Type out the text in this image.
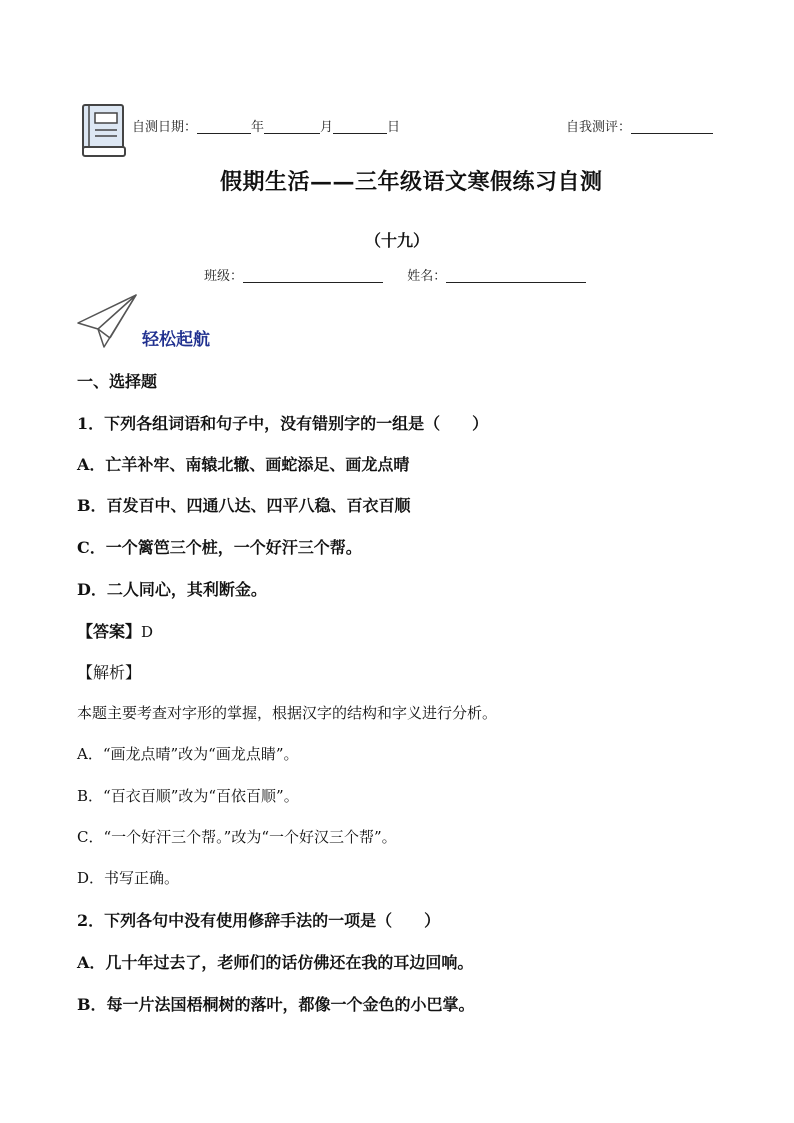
自测日期：	年	月	日	自我测评：
假期生活——三年级语文寒假练习自测
（十九）
班级：	姓名：
轻松起航
一、选择题
1．下列各组词语和句子中，没有错别字的一组是（　　）
A．亡羊补牢、南辕北辙、画蛇添足、画龙点晴
B．百发百中、四通八达、四平八稳、百衣百顺
C．一个篱笆三个桩，一个好汗三个帮。
D．二人同心，其利断金。
【答案】D
【解析】
本题主要考查对字形的掌握，根据汉字的结构和字义进行分析。
A．“画龙点晴”改为“画龙点睛”。
B．“百衣百顺”改为“百依百顺”。
C．“一个好汗三个帮。”改为“一个好汉三个帮”。
D．书写正确。
2．下列各句中没有使用修辞手法的一项是（　　）
A．几十年过去了，老师们的话仿佛还在我的耳边回响。
B．每一片法国梧桐树的落叶，都像一个金色的小巴掌。
